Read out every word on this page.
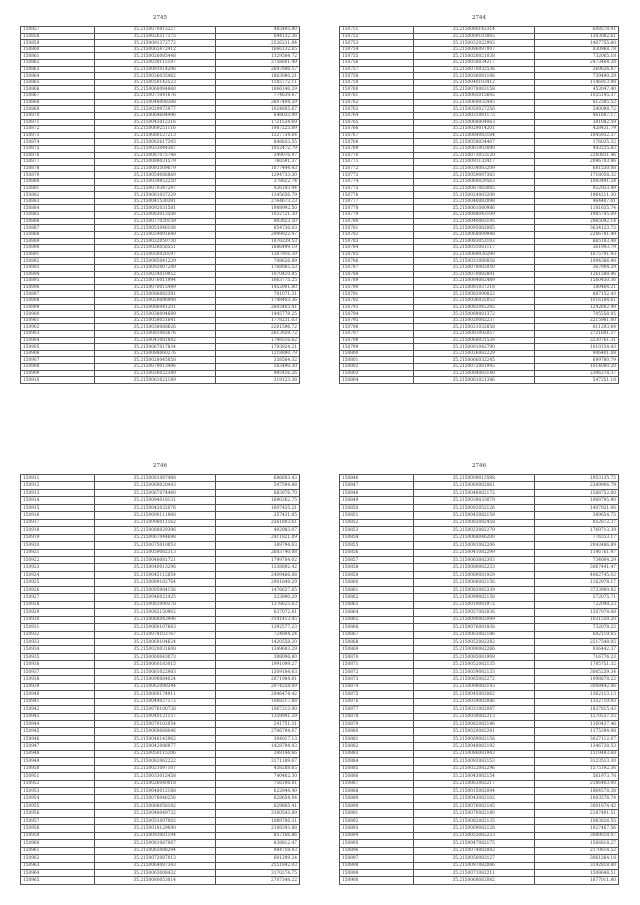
2745
150857	35.2150070815227	485495.80
150858	35.2150026517375	644132.36
150859	35.2150091372772	2526231.84
150860	35.2150065872412	1666132.65
150861	35.2150026085448	1329584.72
150862	35.2150039115197	3758601.49
150863	35.2150091014206	2647806.57
150864	35.2150036035462	1863080.21
150865	35.2150050142523	1185772.11
150866	35.2150068084860	1866146.29
150867	35.2150071041676	774639.87
150868	35.2150048008388	2607404.59
150869	35.2150029972977	1024605.67
150870	35.2150064684496	648033.99
150871	35.2150045012316	1721534.69
150872	35.2150069251116	1987225.89
150873	35.2150080127213	1227734.64
150874	35.2150082617293	848833.55
150875	35.2150033044387	1952472.79
150876	35.2150087075748	349076.97
150877	35.2150089031579	766591.37
150878	35.2150093509679	1077444.43
150879	35.2150054086869	1294733.30
150880	35.2150039852250	378822.74
150881	35.2150070347297	926193.44
150882	35.2150061037229	1345656.79
150883	35.2150041530381	2764673.23
150884	35.2150092031581	1988992.50
150885	35.2150083013508	1032721.30
150886	35.2150077020159	803823.50
150887	35.2150053046108	854736.03
150888	35.2150024091649	2999922.47
150889	35.2150032050730	1976239.53
150890	35.2150026056551	1886499.19
150891	35.2150050020197	1387916.39
150892	35.2150085041229	708626.89
150893	35.2150092007249	1768065.53
150894	35.2150024019952	1070410.85
150895	35.2150076011994	1663775.25
150896	35.2150070015449	1452901.80
150897	35.2150086082391	781071.31
150898	35.2150028096998	1748403.36
150899	35.2150086041201	2605405.41
150900	35.2150038094689	1445778.25
150901	35.2150058051641	1778231.03
150902	35.2150038068626	2201596.72
150903	35.2150081083676	2613929.72
150904	35.2150041081892	1798516.62
150905	35.2150067017834	1793924.21
150906	35.2150088060276	1218890.79
150907	35.2150028045858	338564.32
150908	35.2150079013496	565490.30
150909	35.2150036022349	495416.26
150910	35.2150061021189	319123.38
2744
150751	35.2150080142314	608578.91
150752	35.2150089103065	1303082.61
150753	35.2150032022992	1407755.60
150754	35.2150086097007	830968.78
150755	35.2150020021038	732065.18
150756	35.2150050034217	2473464.28
150757	35.2150070032536	269626.87
150758	35.2150036081106	739490.29
150759	35.2150040103412	1146913.98
150760	35.2150078083158	453047.40
150761	35.2150085015692	1035145.37
150762	35.2150060032445	812385.52
150763	35.2150050027256	340098.72
150764	35.2150031081175	461607.17
150765	35.2150068004063	381082.59
150766	35.2150029014201	428431.79
150767	35.2150084083184	1845932.37
150768	35.2150058034407	176035.32
150769	35.2150061003090	443235.82
150770	35.2150073053129	2260831.46
150771	35.2150091132417	2096703.96
150772	35.2150034083209	681530.08
150773	35.2150059097383	1718058.32
150774	35.2150060029563	1093491.24
150775	35.2150087083085	922933.49
150776	35.2150024083208	1964211.30
150777	35.2150040082098	464407.01
150778	35.2150061080986	1181635.74
150779	35.2150088043109	1985745.09
150780	35.2150040083195	2965092.14
150781	35.2150095082065	3634123.72
150782	35.2150068009948	2266781.49
150783	35.2150083053103	665183.48
150784	35.2150031081117	361903.79
150785	35.2150069030290	1675791.93
150786	35.2150031080858	1094366.90
150787	35.2150078082050	367904.29
150788	35.2150070092891	1261588.96
150789	35.2150084082489	1560430.36
150790	35.2150081037218	180464.21
150791	35.2150083090822	887152.43
150792	35.2150036032053	1016184.61
150793	35.2150082042292	1242602.49
150794	35.2150089081372	705558.05
150795	35.2150020082237	2215981.00
150796	35.2150021032858	611293.64
150797	35.2150081092057	2721601.27
150798	35.2150068031539	3230761.31
150799	35.2150081042790	1010154.43
150800	35.2150026082229	906401.08
150801	35.2150066032245	699780.79
150802	35.2150072081945	1014080.20
150803	35.2150084083140	2306378.37
150804	35.2150061021346	547251.18
2746
150911	35.2150081087488	686603.43
150912	35.2150069020443	547594.88
150913	35.2150067074480	683976.70
150914	35.2150094018131	1690362.75
150915	35.2150042032076	1607435.21
150916	35.2150090111968	357431.05
150917	35.2150098011162	2561803.61
150918	35.2150088029396	402983.07
150919	35.2150067044698	2411821.09
150920	35.2150075010053	389794.63
150921	35.2150059082313	2683740.08
150922	35.2150048081721	1799704.02
150923	35.2150040013296	1338892.42
150924	35.2150045112854	2409466.08
150925	35.2150089182764	2901849.29
150926	35.2150095084156	1476637.65
150927	35.2150046021425	323890.29
150928	35.2150081099378	1376625.63
150929	35.2150082150902	637072.81
150930	35.2150066043996	3141413.45
150931	35.2150060107663	1392577.23
150932	35.2150074103767	724804.24
150933	35.2150069104624	1420558.20
150934	35.2150020031608	1349603.29
150935	35.2150060043073	398096.80
150936	35.2150060183015	1991099.27
150937	35.2150081022983	1309184.63
150938	35.2150096084024	2871984.81
150939	35.2150062098244	2974258.09
150940	35.2150060174911	2946474.42
150941	35.2150044027372	1068217.88
150942	35.2150076100728	1067213.00
150943	35.2150040121157	1359941.29
150944	35.2150070102054	241751.31
150945	35.2150069068046	2706794.07
150946	35.2150046142962	304017.13
150947	35.2150042086977	1428794.03
150948	35.2150050115206	398144.66
150949	35.2150082062222	3171189.67
150950	35.2150021097107	438288.65
150951	35.2150033015458	740402.30
150952	35.2150026040018	756198.81
150953	35.2150048012188	622944.40
150954	35.2150076046256	628654.94
150955	35.2150066058182	629805.41
150956	35.2150048049732	3160543.89
150957	35.2150051007002	1089706.31
150958	35.2150018129690	2188393.88
150959	35.2150093081194	857166.86
150960	35.2150081087067	838812.47
150961	35.2150065088294	984758.03
150962	35.2150072087013	601299.24
150963	35.2150064087343	2551842.03
150964	35.2150063008432	3170274.75
150965	35.2150080053014	2707348.22
2746
150846	35.2150009013598	1953135.75
150847	35.2150060082061	2389906.79
150848	35.2150046082172	1588752.60
150849	35.2150039033079	1968795.90
150850	35.2150092052126	1407921.06
150851	35.2150042082159	389654.75
150852	35.2150082082458	852872.37
150853	35.2150023082279	1769713.39
150854	35.2150068046200	776553.17
150855	35.2150081082206	2043486.89
150856	35.2150041082299	1146761.47
150857	35.2150063082303	734004.29
150858	35.2150080082233	3067441.47
150859	35.2150089081929	4062745.02
150860	35.2150066082156	1162978.17
150861	35.2150083082339	3733900.82
150862	35.2150099082158	572075.71
150863	35.2150019081972	722048.23
150864	35.2150057082036	1507974.08
150865	35.2150090082099	1031558.20
150866	35.2150076081838	732078.22
150867	35.2150063082186	682119.65
150868	35.2150052082282	2517548.05
150869	35.2150090082266	936442.37
150870	35.2150085081908	716776.23
150871	35.2150052082135	1785751.32
150872	35.2150039082133	3065239.34
150873	35.2150065082272	1098678.22
150874	35.2150098082143	3008442.06
150875	35.2150045082062	1362113.13
150876	35.2150054082086	1352719.93
150877	35.2150031082087	1837815.43
150878	35.2150030082213	1270537.55
150879	35.2150082082146	1160437.46
150880	35.2150020082241	1175394.98
150881	35.2150069082158	3027112.07
150882	35.2150048082192	1346728.53
150883	35.2150086081943	1519483.68
150884	35.2150092082153	3123513.30
150885	35.2150022082296	1575192.36
150886	35.2150043082154	561973.78
150887	35.2150063082217	2186403.00
150888	35.2150015082094	1864578.38
150889	35.2150043082102	1003578.74
150890	35.2150076082145	3001874.42
150891	35.2150070082180	2187491.51
150892	35.2150082082135	1063826.55
150893	35.2150069082128	1027467.56
150894	35.2150055082233	3089018.07
150895	35.2150047082175	1566818.27
150896	35.2150074082082	2170614.52
150897	35.2150050082127	3061264.18
150898	35.2150097082086	3142818.80
150899	35.2150071082211	1508648.51
150900	35.2150068082082	1877011.80
